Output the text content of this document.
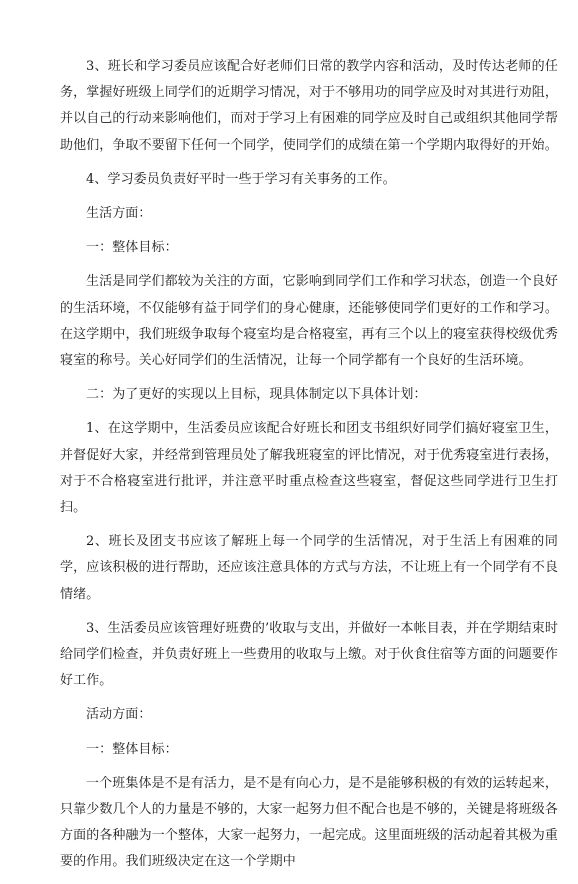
3、班长和学习委员应该配合好老师们日常的教学内容和活动，及时传达老师的任务，掌握好班级上同学们的近期学习情况，对于不够用功的同学应及时对其进行劝阻，并以自己的行动来影响他们，而对于学习上有困难的同学应及时自己或组织其他同学帮助他们，争取不要留下任何一个同学，使同学们的成绩在第一个学期内取得好的开始。

4、学习委员负责好平时一些于学习有关事务的工作。

生活方面：

一：整体目标：

生活是同学们都较为关注的方面，它影响到同学们工作和学习状态，创造一个良好的生活环境，不仅能够有益于同学们的身心健康，还能够使同学们更好的工作和学习。在这学期中，我们班级争取每个寝室均是合格寝室，再有三个以上的寝室获得校级优秀寝室的称号。关心好同学们的生活情况，让每一个同学都有一个良好的生活环境。

二：为了更好的实现以上目标，现具体制定以下具体计划：

1、在这学期中，生活委员应该配合好班长和团支书组织好同学们搞好寝室卫生，并督促好大家，并经常到管理员处了解我班寝室的评比情况，对于优秀寝室进行表扬，对于不合格寝室进行批评，并注意平时重点检查这些寝室，督促这些同学进行卫生打扫。

2、班长及团支书应该了解班上每一个同学的生活情况，对于生活上有困难的同学，应该积极的进行帮助，还应该注意具体的方式与方法，不让班上有一个同学有不良情绪。

3、生活委员应该管理好班费的’收取与支出，并做好一本帐目表，并在学期结束时给同学们检查，并负责好班上一些费用的收取与上缴。对于伙食住宿等方面的问题要作好工作。

活动方面：

一：整体目标：

一个班集体是不是有活力，是不是有向心力，是不是能够积极的有效的运转起来，只靠少数几个人的力量是不够的，大家一起努力但不配合也是不够的，关键是将班级各方面的各种融为一个整体，大家一起努力，一起完成。这里面班级的活动起着其极为重要的作用。我们班级决定在这一个学期中
